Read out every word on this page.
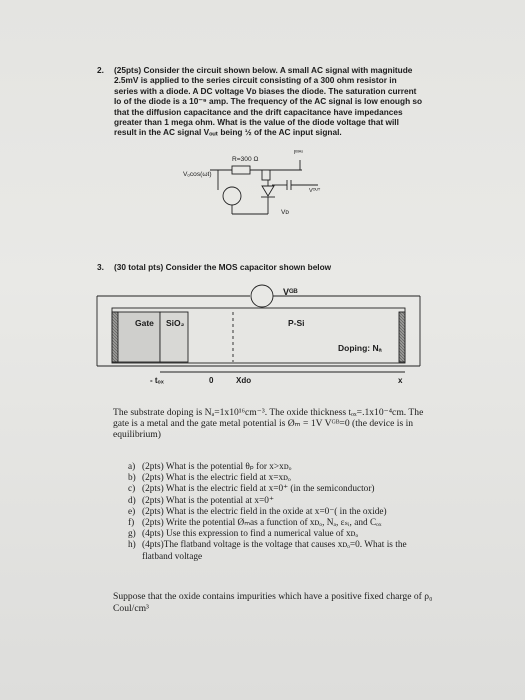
2. (25pts) Consider the circuit shown below. A small AC signal with magnitude
2.5mV is applied to the series circuit consisting of a 300 ohm resistor in
series with a diode. A DC voltage Vᴅ biases the diode. The saturation current
Io of the diode is a 10⁻⁹ amp. The frequency of the AC signal is low enough so
that the diffusion capacitance and the drift capacitance have impedances
greater than 1 mega ohm. What is the value of the diode voltage that will
result in the AC signal Vₒᵤₜ being ½ of the AC input signal.
Vₒcos(ωt)
R=300 Ω
Iᴮᴵᴬˢ
Vᴼᵁᵀ
Vᴅ
3. (30 total pts) Consider the MOS capacitor shown below
Vᴳᴮ
Gate SiO₂	P-Si
Doping: Nₐ
- tₒₓ	0	Xdo	x
The substrate doping is Nₐ=1x10¹⁶cm⁻³. The oxide thickness tₒₓ=.1x10⁻⁴cm. The
gate is a metal and the gate metal potential is Øₘ = 1V Vᴳᴮ=0 (the device is in
equilibrium)
a) (2pts) What is the potential θₚ for x>xᴅₒ
b) (2pts) What is the electric field at x=xᴅₒ
c) (2pts) What is the electric field at x=0⁺ (in the semiconductor)
d) (2pts) What is the potential at x=0⁺
e) (2pts) What is the electric field in the oxide at x=0⁻( in the oxide)
f) (2pts) Write the potential Øₘas a function of xᴅₒ, Nₐ, εₛᵢ, and Cₒₓ
g) (4pts) Use this expression to find a numerical value of xᴅₒ
h) (4pts)The flatband voltage is the voltage that causes xᴅₒ=0. What is the
flatband voltage
Suppose that the oxide contains impurities which have a positive fixed charge of ρ₀
Coul/cm³
